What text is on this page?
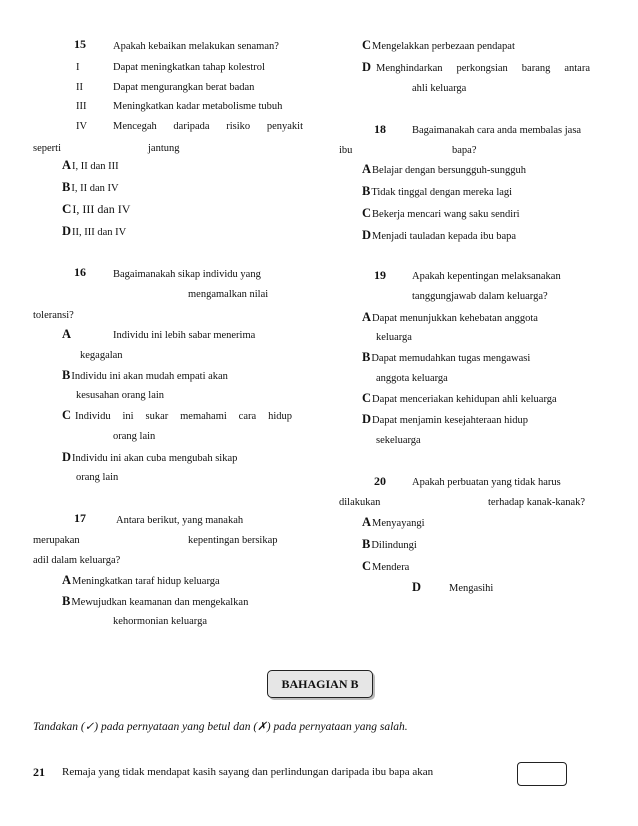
15	Apakah kebaikan melakukan senaman?
I	Dapat meningkatkan tahap kolestrol
II	Dapat mengurangkan berat badan
III	Meningkatkan kadar metabolisme tubuh
IV Mencegah daripada risiko penyakit
seperti	jantung
AI, II dan III
BI, II dan IV
CI, III dan IV
DII, III dan IV
16	Bagaimanakah sikap individu yang
mengamalkan nilai
toleransi?
A	Individu ini lebih sabar menerima
kegagalan
BIndividu ini akan mudah empati akan
kesusahan orang lain
C Individu ini sukar memahami cara hidup
orang lain
DIndividu ini akan cuba mengubah sikap
orang lain
17	Antara berikut, yang manakah
merupakan	kepentingan bersikap
adil dalam keluarga?
AMeningkatkan taraf hidup keluarga
BMewujudkan keamanan dan mengekalkan
kehormonian keluarga
CMengelakkan perbezaan pendapat
D Menghindarkan perkongsian barang antara
ahli keluarga
18 Bagaimanakah cara anda membalas jasa
ibu	bapa?
ABelajar dengan bersungguh-sungguh
BTidak tinggal dengan mereka lagi
CBekerja mencari wang saku sendiri
DMenjadi tauladan kepada ibu bapa
19 Apakah kepentingan melaksanakan
tanggungjawab dalam keluarga?
ADapat menunjukkan kehebatan anggota
keluarga
BDapat memudahkan tugas mengawasi
anggota keluarga
CDapat menceriakan kehidupan ahli keluarga
DDapat menjamin kesejahteraan hidup
sekeluarga
20 Apakah perbuatan yang tidak harus
dilakukan	terhadap kanak-kanak?
AMenyayangi
BDilindungi
CMendera
D	Mengasihi
BAHAGIAN B
Tandakan (✓) pada pernyataan yang betul dan (✗) pada pernyataan yang salah.
21 Remaja yang tidak mendapat kasih sayang dan perlindungan daripada ibu bapa akan
